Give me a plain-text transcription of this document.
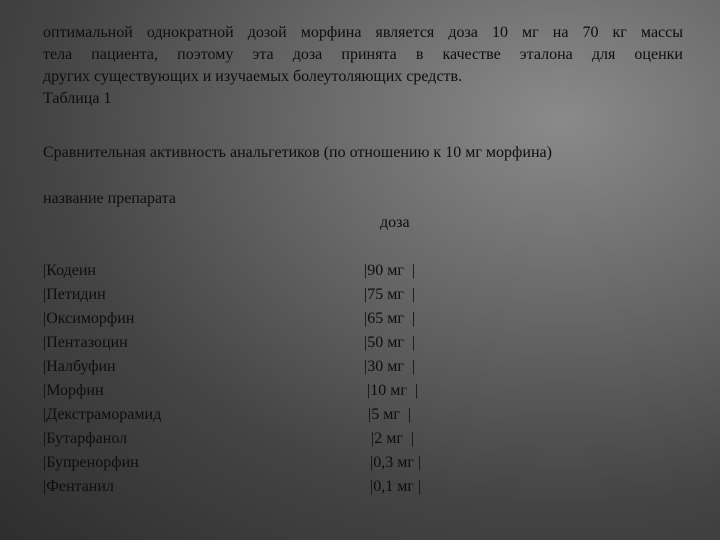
оптимальной однократной дозой морфина является доза 10 мг на 70 кг массы
тела пациента, поэтому эта доза принята в качестве эталона для оценки
других существующих и изучаемых болеутоляющих средств.
Таблица 1
Сравнительная активность анальгетиков (по отношению к 10 мг морфина)
название препарата
доза
|Кодеин	|90 мг  |
|Петидин	|75 мг  |
|Оксиморфин	|65 мг  |
|Пентазоцин	|50 мг  |
|Налбуфин	|30 мг  |
|Морфин	|10 мг  |
|Декстраморамид	|5 мг  |
|Бутарфанол	|2 мг  |
|Бупренорфин	|0,3 мг |
|Фентанил	|0,1 мг |
